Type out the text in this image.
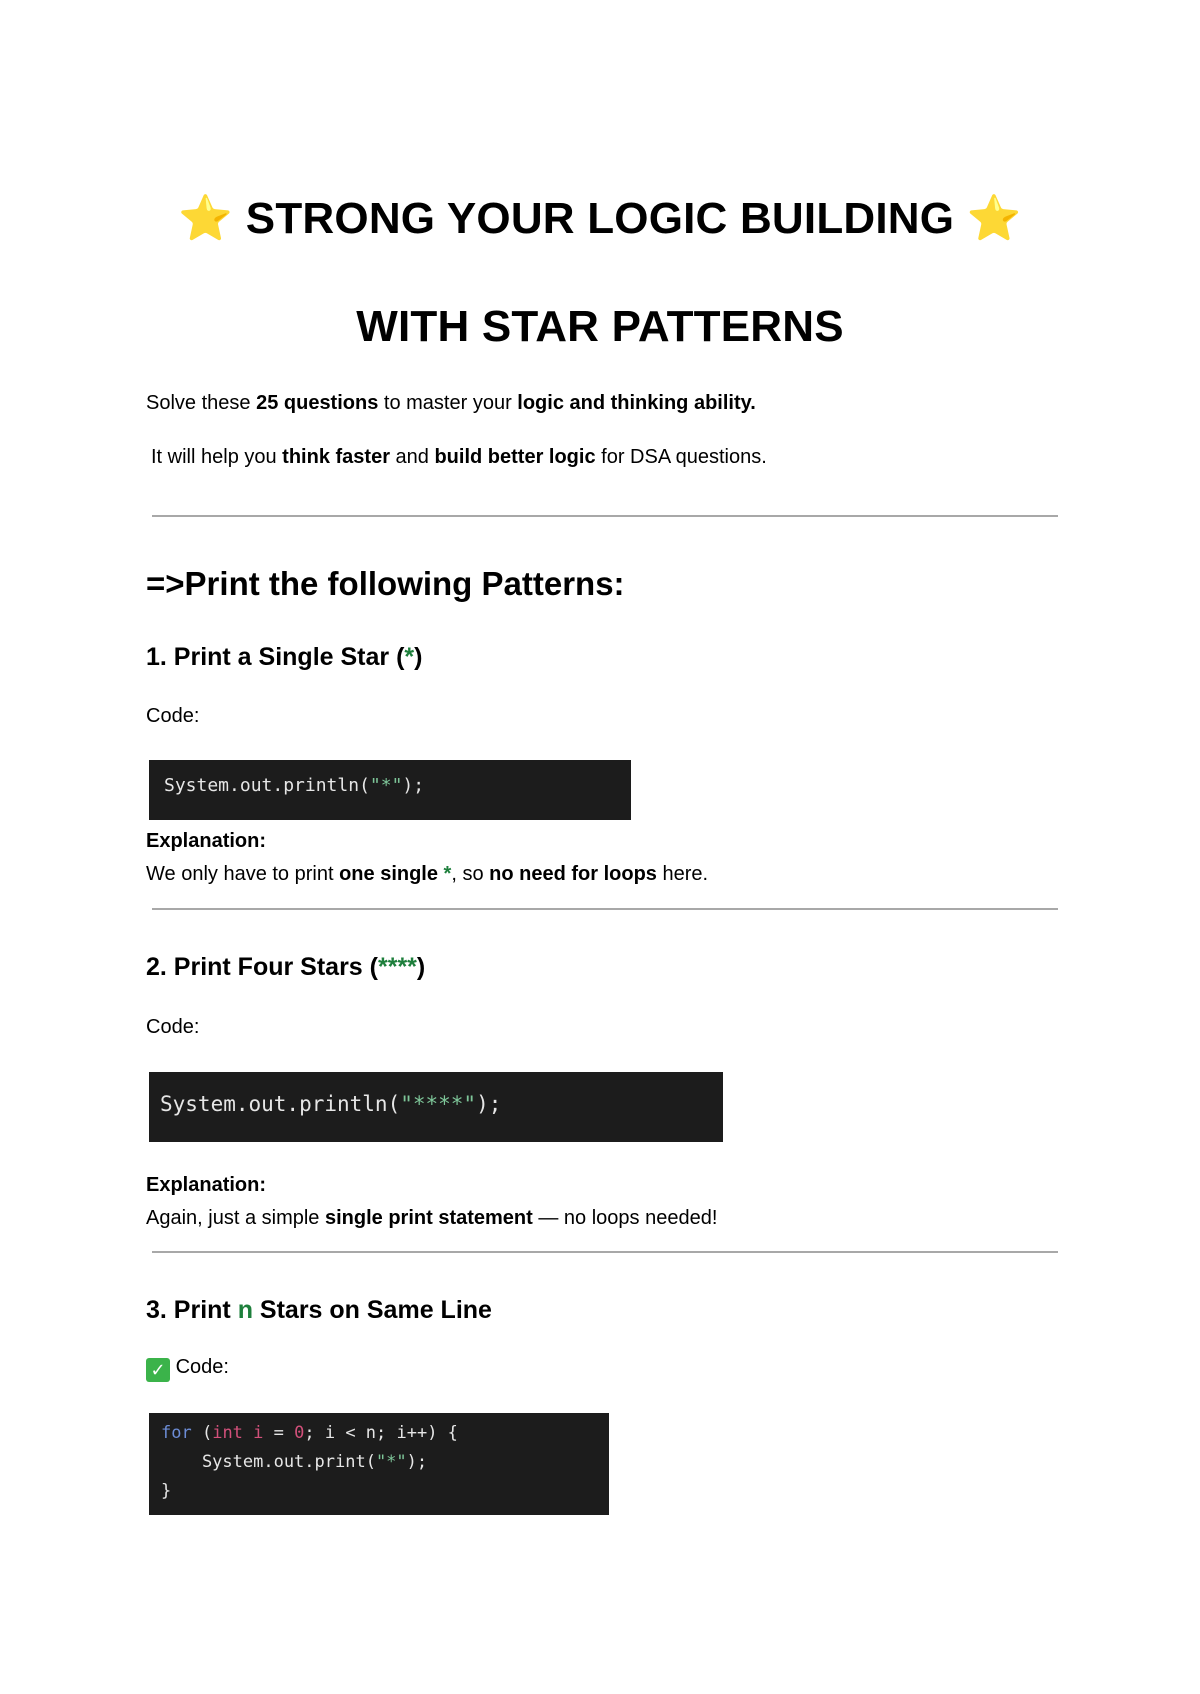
⭐ STRONG YOUR LOGIC BUILDING ⭐
WITH STAR PATTERNS
Solve these 25 questions to master your logic and thinking ability.
It will help you think faster and build better logic for DSA questions.
=>Print the following Patterns:
1. Print a Single Star (*)
Code:
System.out.println("*");
Explanation:
We only have to print one single *, so no need for loops here.
2. Print Four Stars (****)
Code:
System.out.println("****");
Explanation:
Again, just a simple single print statement — no loops needed!
3. Print n Stars on Same Line
✓ Code:
for (int i = 0; i < n; i++) {
System.out.print("*");
}
